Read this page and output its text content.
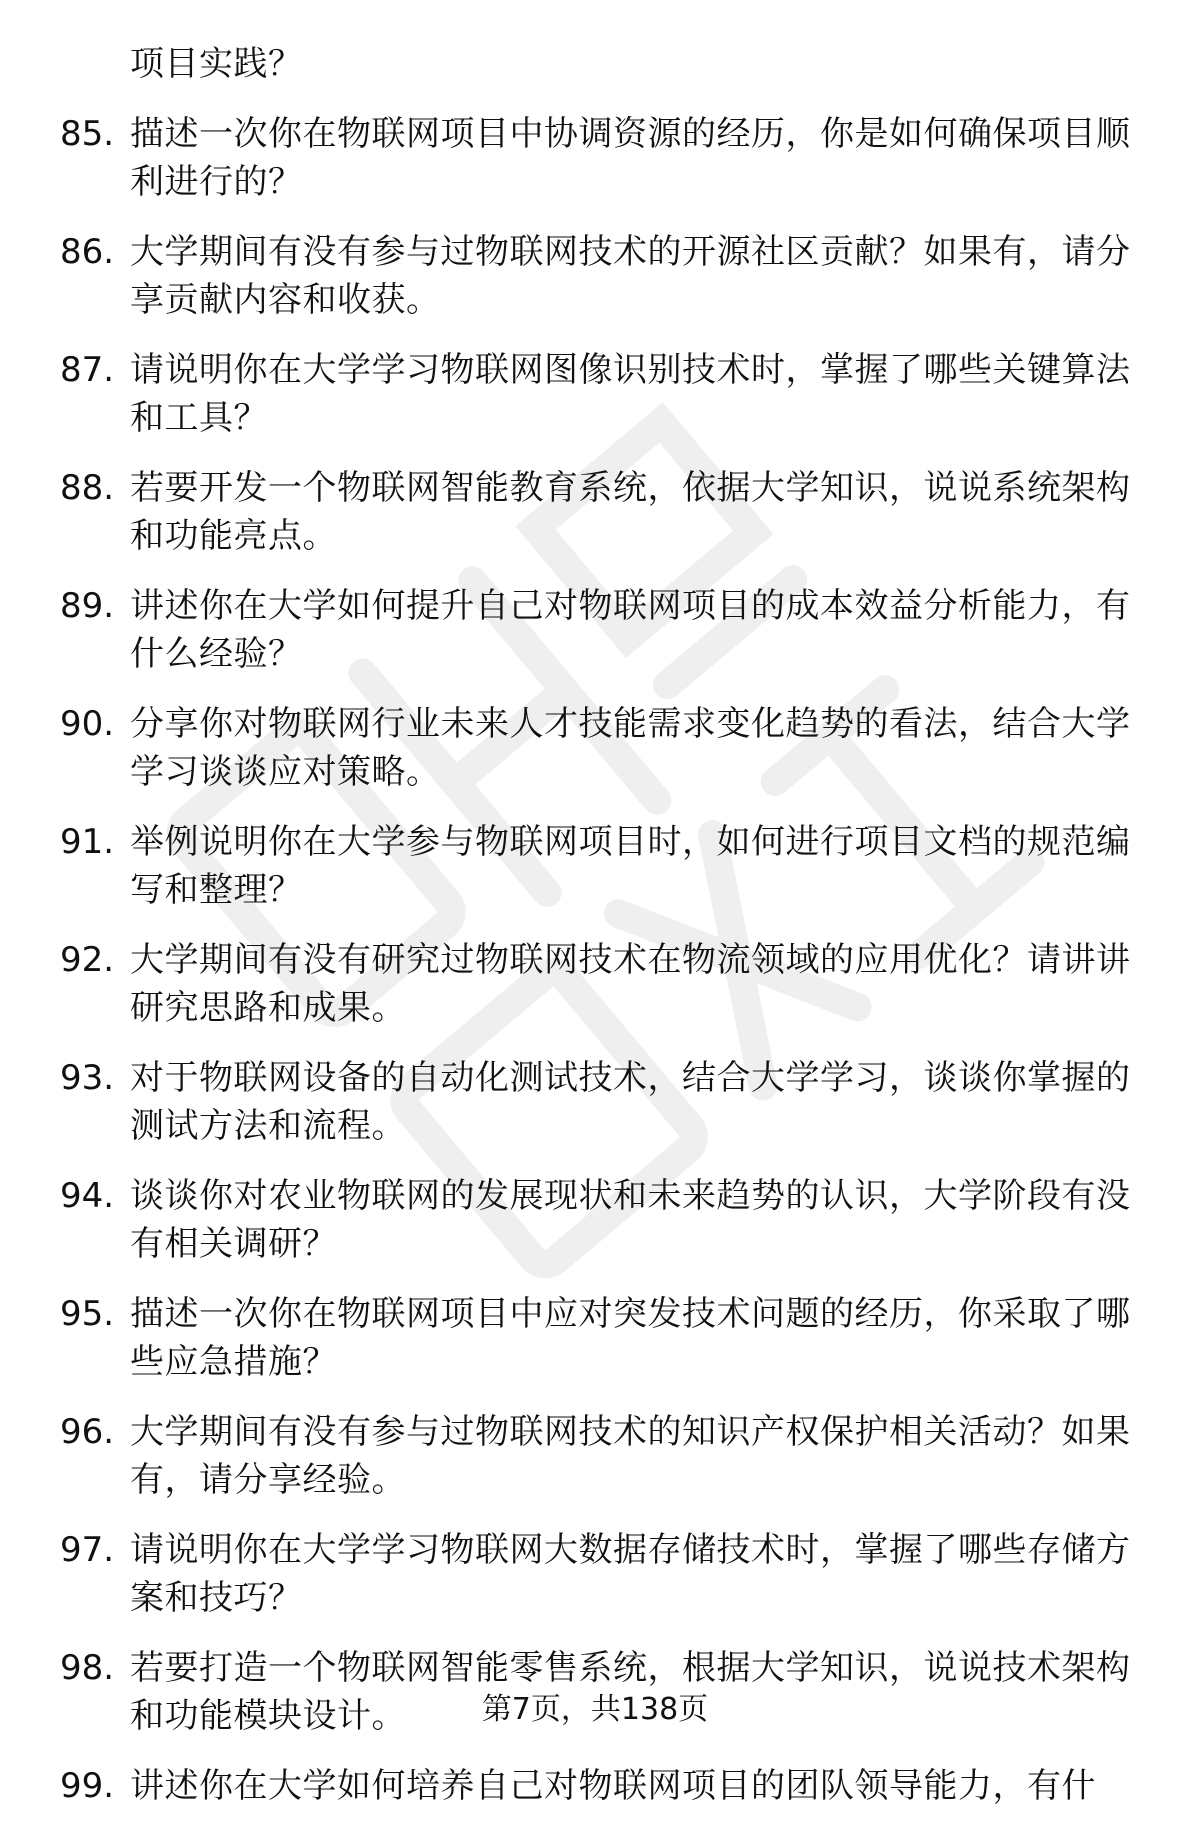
项目实践？
85. 描述一次你在物联网项目中协调资源的经历，你是如何确保项目顺利进行的？
86. 大学期间有没有参与过物联网技术的开源社区贡献？如果有，请分享贡献内容和收获。
87. 请说明你在大学学习物联网图像识别技术时，掌握了哪些关键算法和工具？
88. 若要开发一个物联网智能教育系统，依据大学知识，说说系统架构和功能亮点。
89. 讲述你在大学如何提升自己对物联网项目的成本效益分析能力，有什么经验？
90. 分享你对物联网行业未来人才技能需求变化趋势的看法，结合大学学习谈谈应对策略。
91. 举例说明你在大学参与物联网项目时，如何进行项目文档的规范编写和整理？
92. 大学期间有没有研究过物联网技术在物流领域的应用优化？请讲讲研究思路和成果。
93. 对于物联网设备的自动化测试技术，结合大学学习，谈谈你掌握的测试方法和流程。
94. 谈谈你对农业物联网的发展现状和未来趋势的认识，大学阶段有没有相关调研？
95. 描述一次你在物联网项目中应对突发技术问题的经历，你采取了哪些应急措施？
96. 大学期间有没有参与过物联网技术的知识产权保护相关活动？如果有，请分享经验。
97. 请说明你在大学学习物联网大数据存储技术时，掌握了哪些存储方案和技巧？
98. 若要打造一个物联网智能零售系统，根据大学知识，说说技术架构和功能模块设计。
99. 讲述你在大学如何培养自己对物联网项目的团队领导能力，有什
第7页，共138页
